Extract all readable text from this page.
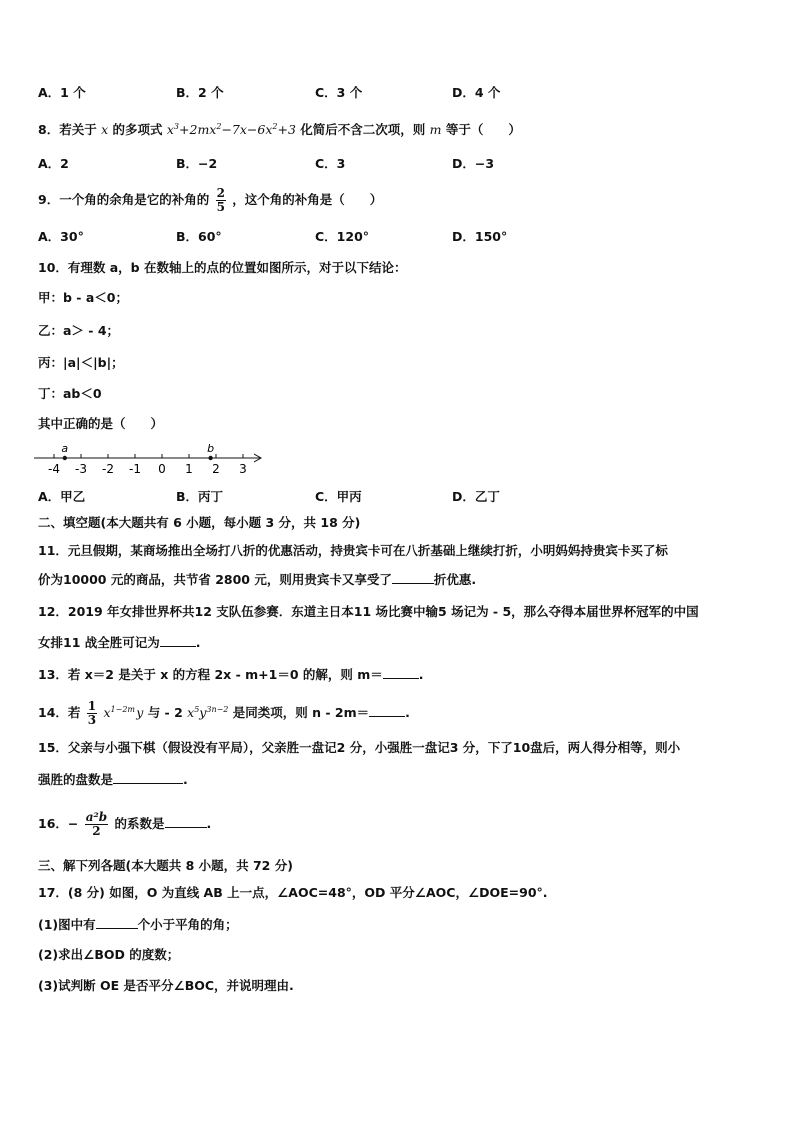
A．1 个	B．2 个	C．3 个	D．4 个
8．若关于 x 的多项式 $x^3+2mx^2-7x-6x^2+3$ 化简后不含二次项，则 m 等于（　　）
A．2	B．−2	C．3	D．−3
9．一个角的余角是它的补角的 $\frac{2}{5}$ ，这个角的补角是（　　）
A．30°	B．60°	C．120°	D．150°
10．有理数 a，b 在数轴上的点的位置如图所示，对于以下结论：
甲：b - a＜0；
乙：a＞ - 4；
丙：|a|＜|b|；
丁：ab＜0
其中正确的是（　　）
-4 -3 -2 -1 0 1 2 3
a	b
A．甲乙	B．丙丁	C．甲丙	D．乙丁
二、填空题(本大题共有 6 小题，每小题 3 分，共 18 分)
11．元旦假期，某商场推出全场打八折的优惠活动，持贵宾卡可在八折基础上继续打折，小明妈妈持贵宾卡买了标
价为10000 元的商品，共节省 2800 元，则用贵宾卡又享受了	折优惠.
12．2019 年女排世界杯共12 支队伍参赛．东道主日本11 场比赛中输5 场记为 - 5，那么夺得本届世界杯冠军的中国
女排11 战全胜可记为	.
13．若 x＝2 是关于 x 的方程 2x - m+1＝0 的解，则 m＝	.
14．若 $\frac{1}{3} x^{1-2m}$ y 与 - 2 $x^5y^{3n-2}$ 是同类项，则 n - 2m＝	.
15．父亲与小强下棋（假设没有平局），父亲胜一盘记2 分，小强胜一盘记3 分，下了10盘后，两人得分相等，则小
强胜的盘数是	.
16．− $\frac{\text{a²b}}{2}$ 的系数是	.
三、解下列各题(本大题共 8 小题，共 72 分)
17．(8 分) 如图，O 为直线 AB 上一点，∠AOC=48°，OD 平分∠AOC，∠DOE=90°.
(1)图中有	个小于平角的角；
(2)求出∠BOD 的度数；
(3)试判断 OE 是否平分∠BOC，并说明理由.
